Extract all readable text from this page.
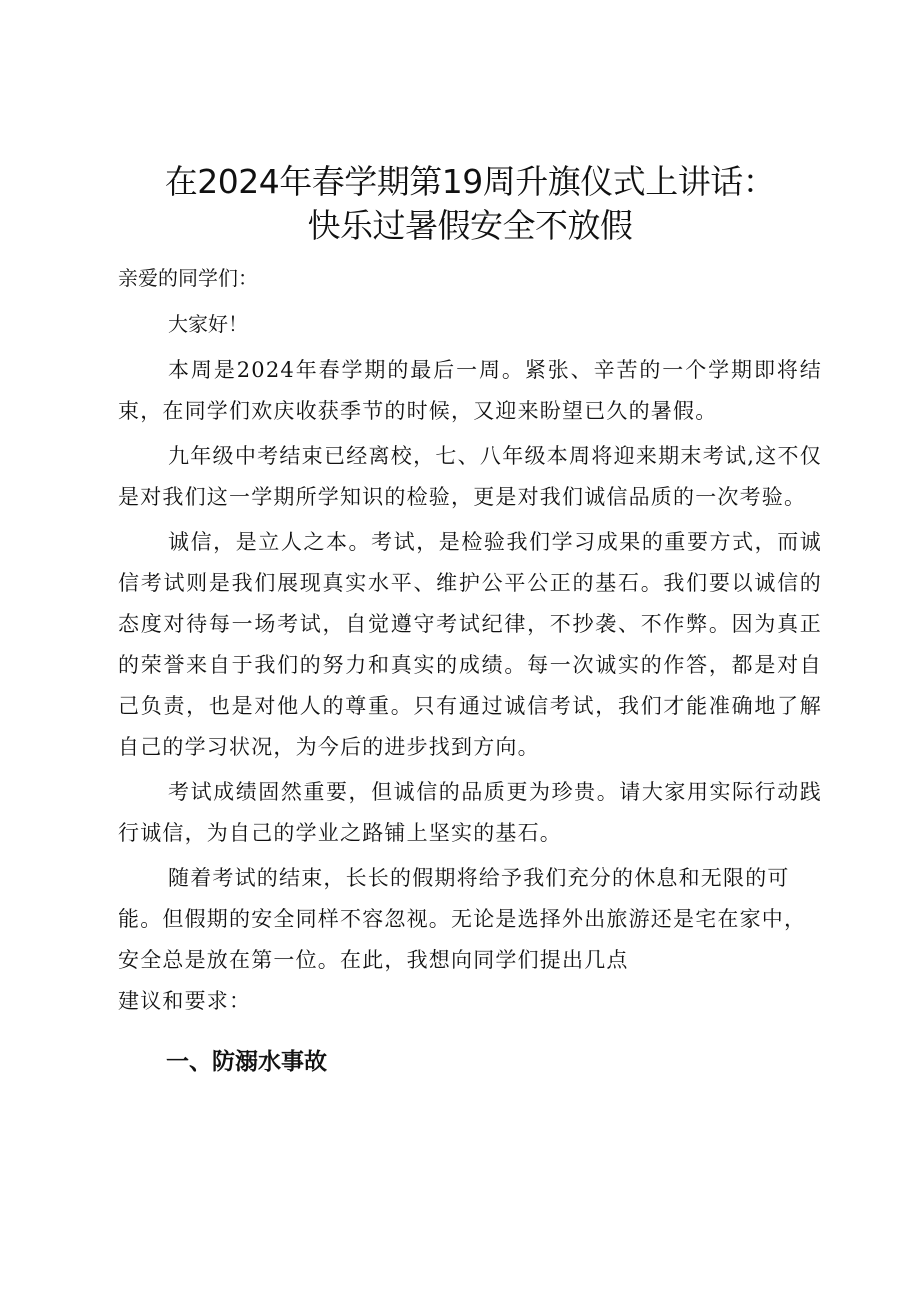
在2024年春学期第19周升旗仪式上讲话：
快乐过暑假安全不放假

亲爱的同学们：

大家好！

本周是2024年春学期的最后一周。紧张、辛苦的一个学期即将结束，在同学们欢庆收获季节的时候，又迎来盼望已久的暑假。

九年级中考结束已经离校，七、八年级本周将迎来期末考试,这不仅是对我们这一学期所学知识的检验，更是对我们诚信品质的一次考验。

诚信，是立人之本。考试，是检验我们学习成果的重要方式，而诚信考试则是我们展现真实水平、维护公平公正的基石。我们要以诚信的态度对待每一场考试，自觉遵守考试纪律，不抄袭、不作弊。因为真正的荣誉来自于我们的努力和真实的成绩。每一次诚实的作答，都是对自己负责，也是对他人的尊重。只有通过诚信考试，我们才能准确地了解自己的学习状况，为今后的进步找到方向。

考试成绩固然重要，但诚信的品质更为珍贵。请大家用实际行动践行诚信，为自己的学业之路铺上坚实的基石。

随着考试的结束，长长的假期将给予我们充分的休息和无限的可能。但假期的安全同样不容忽视。无论是选择外出旅游还是宅在家中，安全总是放在第一位。在此，我想向同学们提出几点

建议和要求：

一、防溺水事故
